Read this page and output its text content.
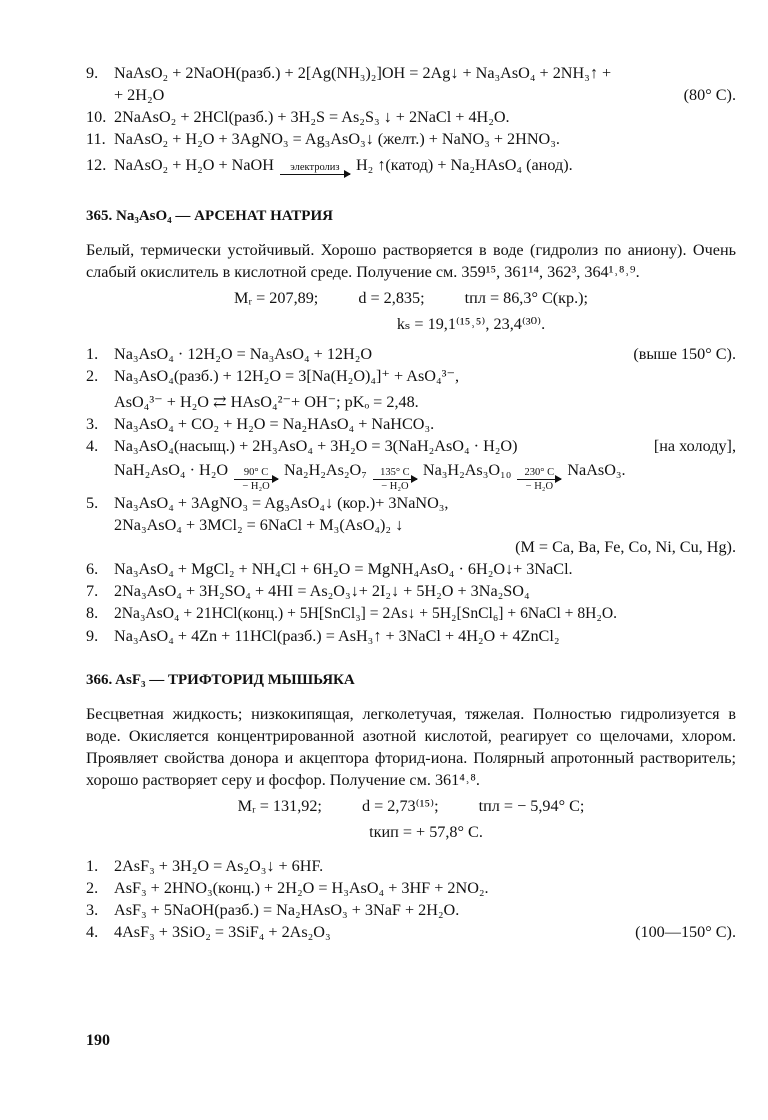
9. NaAsO₂ + 2NaOH(разб.) + 2[Ag(NH₃)₂]OH = 2Ag↓ + Na₃AsO₄ + 2NH₃↑ +
+ 2H₂O	(80° C).
10. 2NaAsO₂ + 2HCl(разб.) + 3H₂S = As₂S₃ ↓ + 2NaCl + 4H₂O.
11. NaAsO₂ + H₂O + 3AgNO₃ = Ag₃AsO₃↓ (желт.) + NaNO₃ + 2HNO₃.
12. NaAsO₂ + H₂O + NaOH	электролиз
	H₂ ↑(катод) + Na₂HAsO₄ (анод).
365. Na₃AsO₄ — АРСЕНАТ НАТРИЯ
Белый, термически устойчивый. Хорошо растворяется в воде (гидролиз по аниону). Очень слабый окислитель в кислотной среде. Получение см. 359¹⁵, 361¹⁴, 362³, 364¹˒⁸˒⁹.
Mᵣ = 207,89; d = 2,835; tпл = 86,3° C(кр.);
kₛ = 19,1⁽¹⁵˒⁵⁾, 23,4⁽³⁰⁾.
1. Na₃AsO₄ · 12H₂O = Na₃AsO₄ + 12H₂O	(выше 150° C).
2. Na₃AsO₄(разб.) + 12H₂O = 3[Na(H₂O)₄]⁺ + AsO₄³⁻,
AsO₄³⁻ + H₂O ⇄ HAsO₄²⁻+ OH⁻; pKₒ = 2,48.
3. Na₃AsO₄ + CO₂ + H₂O = Na₂HAsO₄ + NaHCO₃.
4. Na₃AsO₄(насыщ.) + 2H₃AsO₄ + 3H₂O = 3(NaH₂AsO₄ · H₂O)	[на холоду],
NaH₂AsO₄ · H₂O	90° C
− H₂O
Na₂H₂As₂O₇	135° C
− H₂O
Na₃H₂As₃O₁₀	230° C
− H₂O
NaAsO₃.
5. Na₃AsO₄ + 3AgNO₃ = Ag₃AsO₄↓ (кор.)+ 3NaNO₃,
2Na₃AsO₄ + 3MCl₂ = 6NaCl + M₃(AsO₄)₂ ↓
(M = Ca, Ba, Fe, Co, Ni, Cu, Hg).
6. Na₃AsO₄ + MgCl₂ + NH₄Cl + 6H₂O = MgNH₄AsO₄ · 6H₂O↓+ 3NaCl.
7. 2Na₃AsO₄ + 3H₂SO₄ + 4HI = As₂O₃↓+ 2I₂↓ + 5H₂O + 3Na₂SO₄
8.	2Na₃AsO₄ + 21HCl(конц.) + 5H[SnCl₃] = 2As↓ + 5H₂[SnCl₆] + 6NaCl + 8H₂O.
9. Na₃AsO₄ + 4Zn + 11HCl(разб.) = AsH₃↑ + 3NaCl + 4H₂O + 4ZnCl₂
366. AsF₃ — ТРИФТОРИД МЫШЬЯКА
Бесцветная жидкость; низкокипящая, легколетучая, тяжелая. Полностью гидролизуется в воде. Окисляется концентрированной азотной кислотой, реагирует со щелочами, хлором. Проявляет свойства донора и акцептора фторид-иона. Полярный апротонный растворитель; хорошо растворяет серу и фосфор. Получение см. 361⁴˒⁸.
Mᵣ = 131,92; d = 2,73⁽¹⁵⁾; tпл = − 5,94° C;
tкип = + 57,8° C.
1. 2AsF₃ + 3H₂O = As₂O₃↓ + 6HF.
2. AsF₃ + 2HNO₃(конц.) + 2H₂O = H₃AsO₄ + 3HF + 2NO₂.
3. AsF₃ + 5NaOH(разб.) = Na₂HAsO₃ + 3NaF + 2H₂O.
4. 4AsF₃ + 3SiO₂ = 3SiF₄ + 2As₂O₃	(100—150° C).
190
